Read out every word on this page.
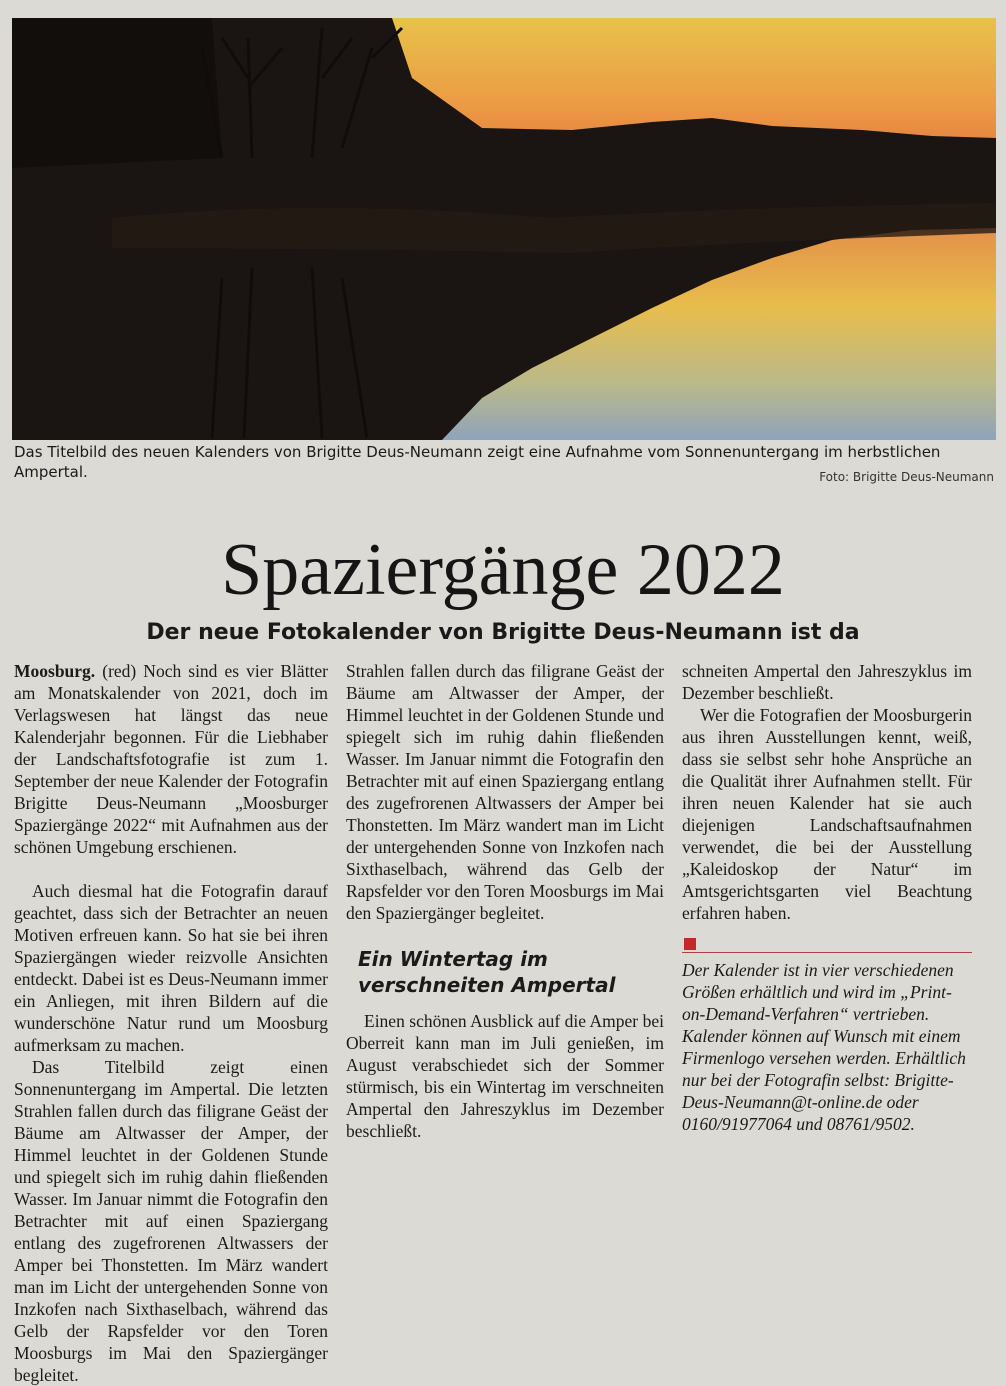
Das Titelbild des neuen Kalenders von Brigitte Deus-Neumann zeigt eine Aufnahme vom Sonnenuntergang im herbstlichen Ampertal.	Foto: Brigitte Deus-Neumann
Spaziergänge 2022
Der neue Fotokalender von Brigitte Deus-Neumann ist da

Moosburg. (red) Noch sind es vier Blätter am Monatskalender von 2021, doch im Verlagswesen hat längst das neue Kalenderjahr begonnen. Für die Liebhaber der Landschaftsfotografie ist zum 1. September der neue Kalender der Fotografin Brigitte Deus-Neumann „Moosburger Spaziergänge 2022“ mit Aufnahmen aus der schönen Umgebung erschienen.

Auch diesmal hat die Fotografin darauf geachtet, dass sich der Betrachter an neuen Motiven erfreuen kann. So hat sie bei ihren Spaziergängen wieder reizvolle Ansichten entdeckt. Dabei ist es Deus-Neumann immer ein Anliegen, mit ihren Bildern auf die wunderschöne Natur rund um Moosburg aufmerksam zu machen.

Das Titelbild zeigt einen Sonnenuntergang im Ampertal. Die letzten Strahlen fallen durch das filigrane Geäst der Bäume am Altwasser der Amper, der Himmel leuchtet in der Goldenen Stunde und spiegelt sich im ruhig dahin fließenden Wasser. Im Januar nimmt die Fotografin den Betrachter mit auf einen Spaziergang entlang des zugefrorenen Altwassers der Amper bei Thonstetten. Im März wandert man im Licht der untergehenden Sonne von Inzkofen nach Sixthaselbach, während das Gelb der Rapsfelder vor den Toren Moosburgs im Mai den Spaziergänger begleitet.

Strahlen fallen durch das filigrane Geäst der Bäume am Altwasser der Amper, der Himmel leuchtet in der Goldenen Stunde und spiegelt sich im ruhig dahin fließenden Wasser. Im Januar nimmt die Fotografin den Betrachter mit auf einen Spaziergang entlang des zugefrorenen Altwassers der Amper bei Thonstetten. Im März wandert man im Licht der untergehenden Sonne von Inzkofen nach Sixthaselbach, während das Gelb der Rapsfelder vor den Toren Moosburgs im Mai den Spaziergänger begleitet.

Ein Wintertag im verschneiten Ampertal

Einen schönen Ausblick auf die Amper bei Oberreit kann man im Juli genießen, im August verabschiedet sich der Sommer stürmisch, bis ein Wintertag im verschneiten Ampertal den Jahreszyklus im Dezember beschließt.

schneiten Ampertal den Jahreszyklus im Dezember beschließt.

Wer die Fotografien der Moosburgerin aus ihren Ausstellungen kennt, weiß, dass sie selbst sehr hohe Ansprüche an die Qualität ihrer Aufnahmen stellt. Für ihren neuen Kalender hat sie auch diejenigen Landschaftsaufnahmen verwendet, die bei der Ausstellung „Kaleidoskop der Natur“ im Amtsgerichtsgarten viel Beachtung erfahren haben.

Der Kalender ist in vier verschiedenen Größen erhältlich und wird im „Print-on-Demand-Verfahren“ vertrieben. Kalender können auf Wunsch mit einem Firmenlogo versehen werden. Erhältlich nur bei der Fotografin selbst: Brigitte-Deus-Neumann@t-online.de oder 0160/91977064 und 08761/9502.
